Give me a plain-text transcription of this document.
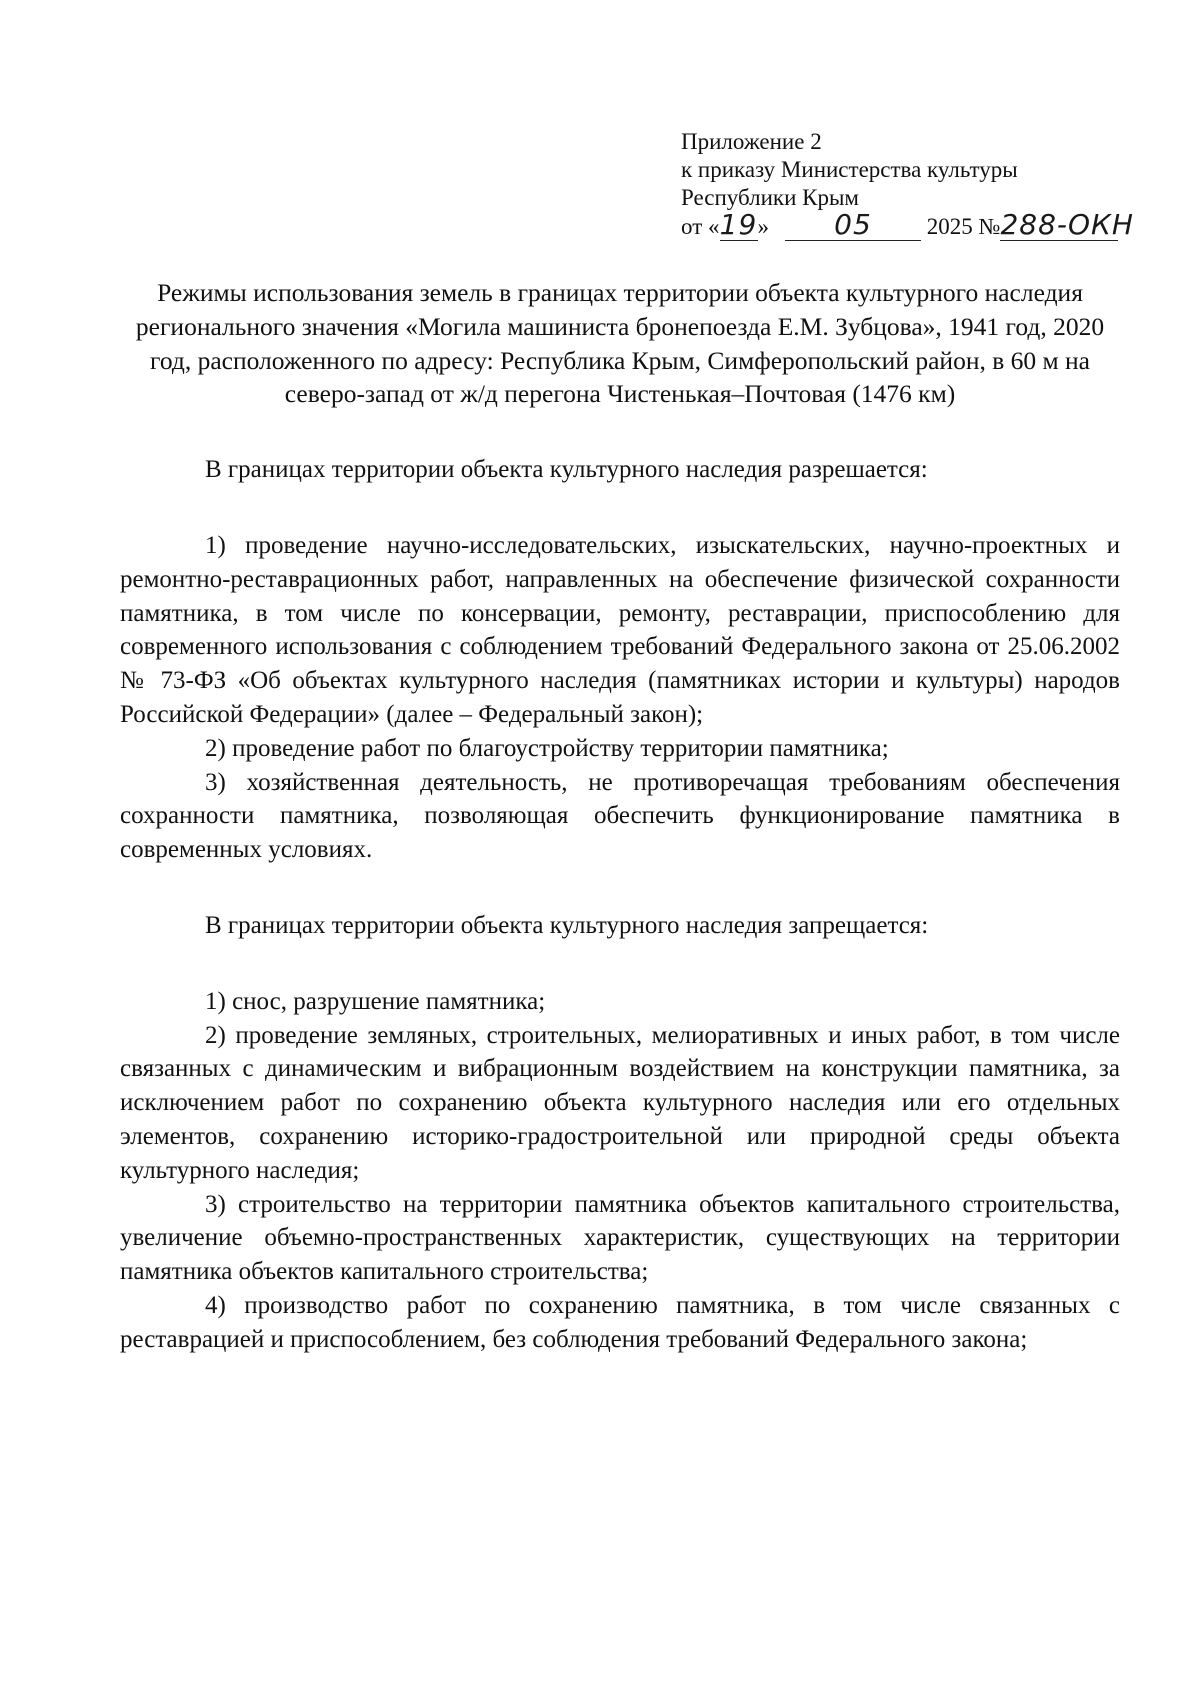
Приложение 2
к приказу Министерства культуры
Республики Крым
от «19» 05 2025 №288-ОКН

Режимы использования земель в границах территории объекта культурного наследия регионального значения «Могила машиниста бронепоезда Е.М. Зубцова», 1941 год, 2020 год, расположенного по адресу: Республика Крым, Симферопольский район, в 60 м на северо-запад от ж/д перегона Чистенькая–Почтовая (1476 км)

В границах территории объекта культурного наследия разрешается:

1) проведение научно-исследовательских, изыскательских, научно-проектных и ремонтно-реставрационных работ, направленных на обеспечение физической сохранности памятника, в том числе по консервации, ремонту, реставрации, приспособлению для современного использования с соблюдением требований Федерального закона от 25.06.2002 № 73-ФЗ «Об объектах культурного наследия (памятниках истории и культуры) народов Российской Федерации» (далее – Федеральный закон);

2) проведение работ по благоустройству территории памятника;

3) хозяйственная деятельность, не противоречащая требованиям обеспечения сохранности памятника, позволяющая обеспечить функционирование памятника в современных условиях.

В границах территории объекта культурного наследия запрещается:

1) снос, разрушение памятника;

2) проведение земляных, строительных, мелиоративных и иных работ, в том числе связанных с динамическим и вибрационным воздействием на конструкции памятника, за исключением работ по сохранению объекта культурного наследия или его отдельных элементов, сохранению историко-градостроительной или природной среды объекта культурного наследия;

3) строительство на территории памятника объектов капитального строительства, увеличение объемно-пространственных характеристик, существующих на территории памятника объектов капитального строительства;

4) производство работ по сохранению памятника, в том числе связанных с реставрацией и приспособлением, без соблюдения требований Федерального закона;
